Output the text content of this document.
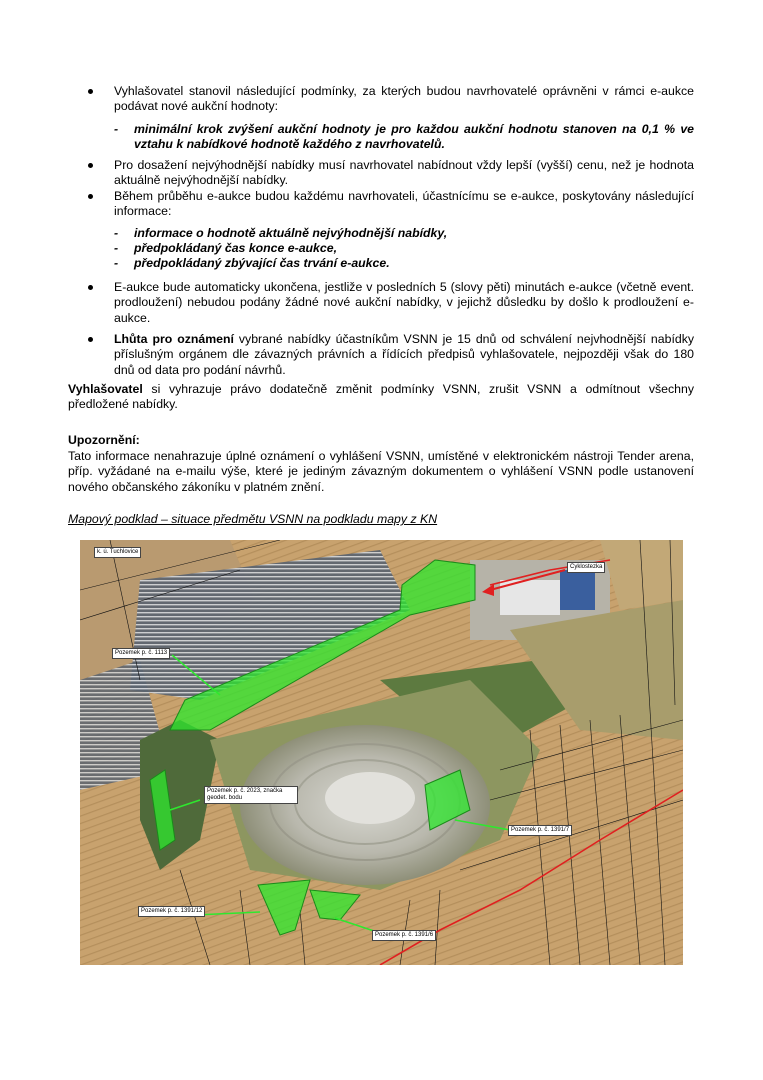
Vyhlašovatel stanovil následující podmínky, za kterých budou navrhovatelé oprávněni v rámci e-aukce podávat nové aukční hodnoty:
-	minimální krok zvýšení aukční hodnoty je pro každou aukční hodnotu stanoven na 0,1 % ve vztahu k nabídkové hodnotě každého z navrhovatelů.
Pro dosažení nejvýhodnější nabídky musí navrhovatel nabídnout vždy lepší (vyšší) cenu, než je hodnota aktuálně nejvýhodnější nabídky.
Během průběhu e-aukce budou každému navrhovateli, účastnícímu se e-aukce, poskytovány následující informace:
-	informace o hodnotě aktuálně nejvýhodnější nabídky,
-	předpokládaný čas konce e-aukce,
-	předpokládaný zbývající čas trvání e-aukce.
E-aukce bude automaticky ukončena, jestliže v posledních 5 (slovy pěti) minutách e-aukce (včetně event. prodloužení) nebudou podány žádné nové aukční nabídky, v jejichž důsledku by došlo k prodloužení e-aukce.
Lhůta pro oznámení vybrané nabídky účastníkům VSNN je 15 dnů od schválení nejvhodnější nabídky příslušným orgánem dle závazných právních a řídících předpisů vyhlašovatele, nejpozději však do 180 dnů od data pro podání návrhů.
Vyhlašovatel si vyhrazuje právo dodatečně změnit podmínky VSNN, zrušit VSNN a odmítnout všechny předložené nabídky.
Upozornění:
Tato informace nenahrazuje úplné oznámení o vyhlášení VSNN, umístěné v elektronickém nástroji Tender arena, příp. vyžádané na e-mailu výše, které je jediným závazným dokumentem o vyhlášení VSNN podle ustanovení nového občanského zákoníku v platném znění.
Mapový podklad – situace předmětu VSNN na podkladu mapy z KN
k. ú. Tuchlovice
Cyklostezka
Pozemek p. č. 1113
Pozemek p. č. 2023, značka geodet. bodu
Pozemek p. č. 1391/7
Pozemek p. č. 1391/12
Pozemek p. č. 1391/6
